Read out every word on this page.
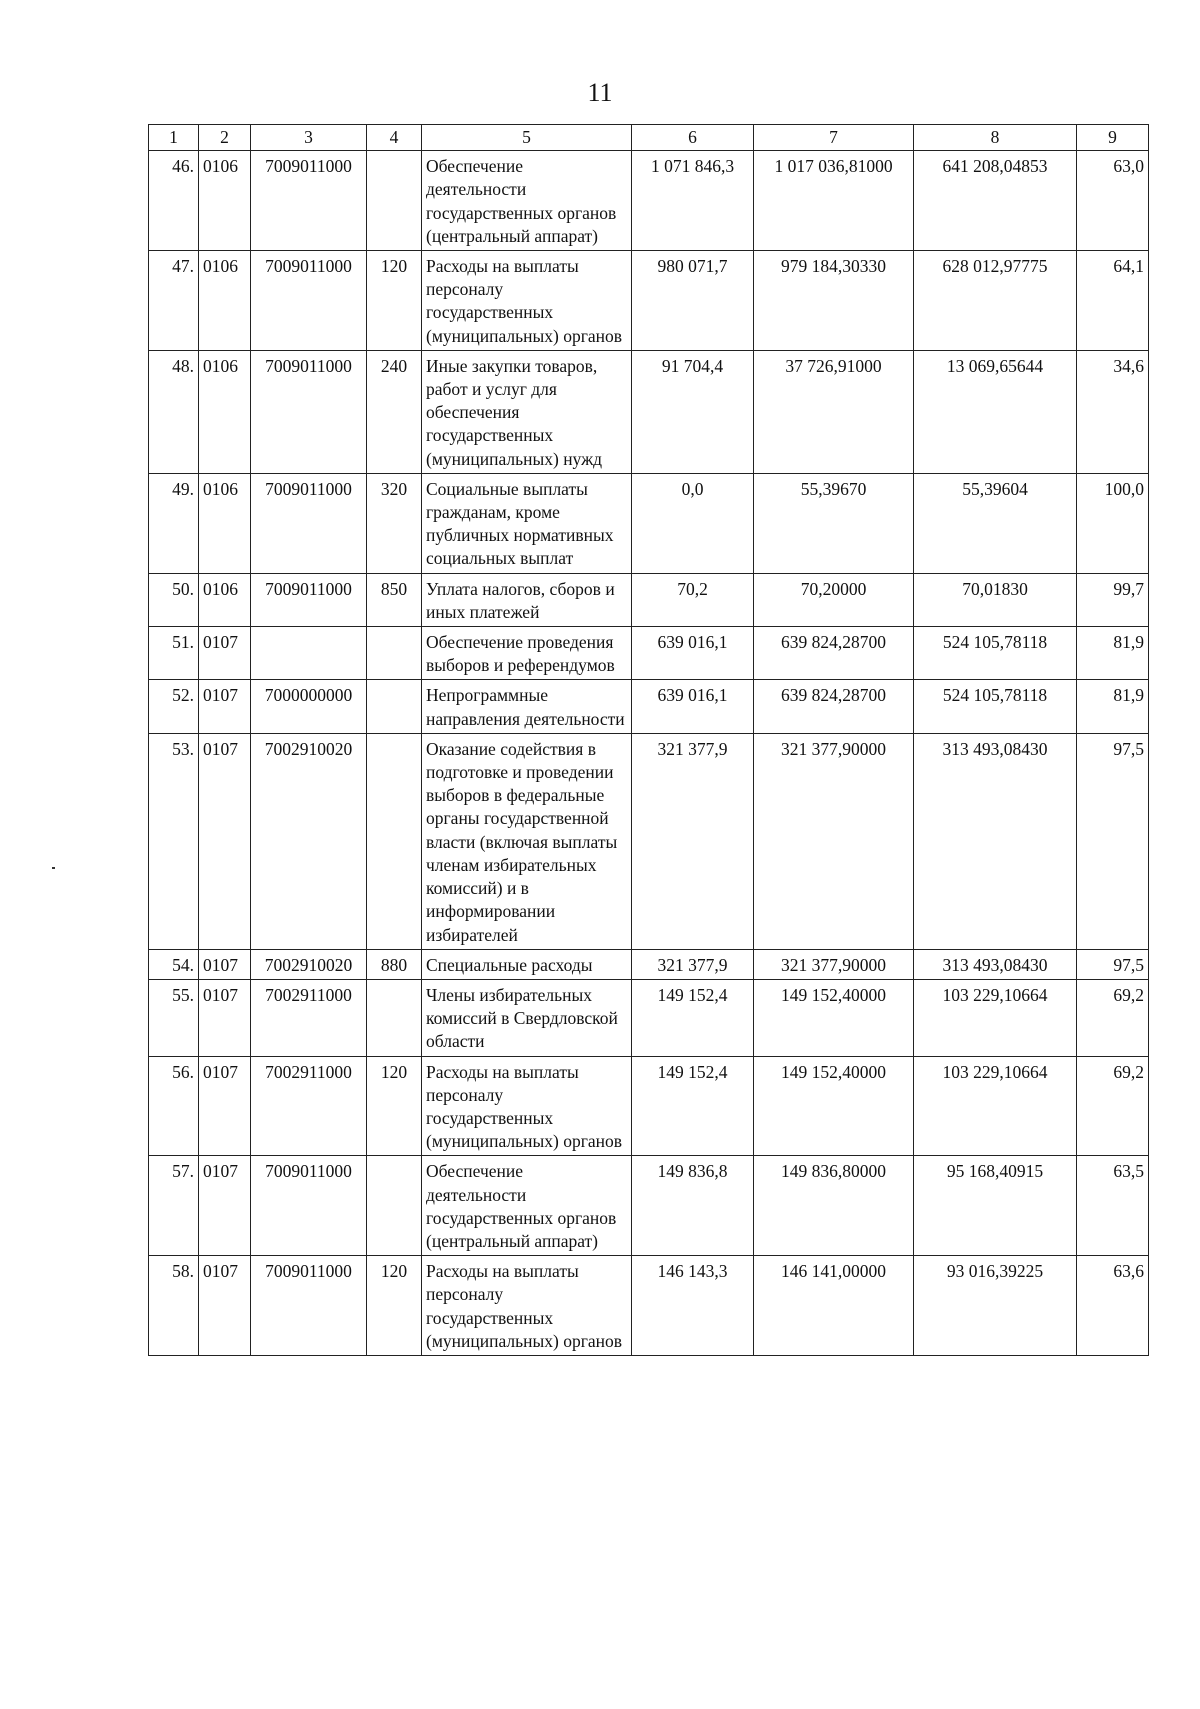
11
1	2	3	4	5	6	7	8	9
46.	0106	7009011000		Обеспечение деятельности государственных органов (центральный аппарат)	1 071 846,3	1 017 036,81000	641 208,04853	63,0
47.	0106	7009011000	120	Расходы на выплаты персоналу государственных (муниципальных) органов	980 071,7	979 184,30330	628 012,97775	64,1
48.	0106	7009011000	240	Иные закупки товаров, работ и услуг для обеспечения государственных (муниципальных) нужд	91 704,4	37 726,91000	13 069,65644	34,6
49.	0106	7009011000	320	Социальные выплаты гражданам, кроме публичных нормативных социальных выплат	0,0	55,39670	55,39604	100,0
50.	0106	7009011000	850	Уплата налогов, сборов и иных платежей	70,2	70,20000	70,01830	99,7
51.	0107			Обеспечение проведения выборов и референдумов	639 016,1	639 824,28700	524 105,78118	81,9
52.	0107	7000000000		Непрограммные направления деятельности	639 016,1	639 824,28700	524 105,78118	81,9
53.	0107	7002910020		Оказание содействия в подготовке и проведении выборов в федеральные органы государственной власти (включая выплаты членам избирательных комиссий) и в информировании избирателей	321 377,9	321 377,90000	313 493,08430	97,5
54.	0107	7002910020	880	Специальные расходы	321 377,9	321 377,90000	313 493,08430	97,5
55.	0107	7002911000		Члены избирательных комиссий в Свердловской области	149 152,4	149 152,40000	103 229,10664	69,2
56.	0107	7002911000	120	Расходы на выплаты персоналу государственных (муниципальных) органов	149 152,4	149 152,40000	103 229,10664	69,2
57.	0107	7009011000		Обеспечение деятельности государственных органов (центральный аппарат)	149 836,8	149 836,80000	95 168,40915	63,5
58.	0107	7009011000	120	Расходы на выплаты персоналу государственных (муниципальных) органов	146 143,3	146 141,00000	93 016,39225	63,6
